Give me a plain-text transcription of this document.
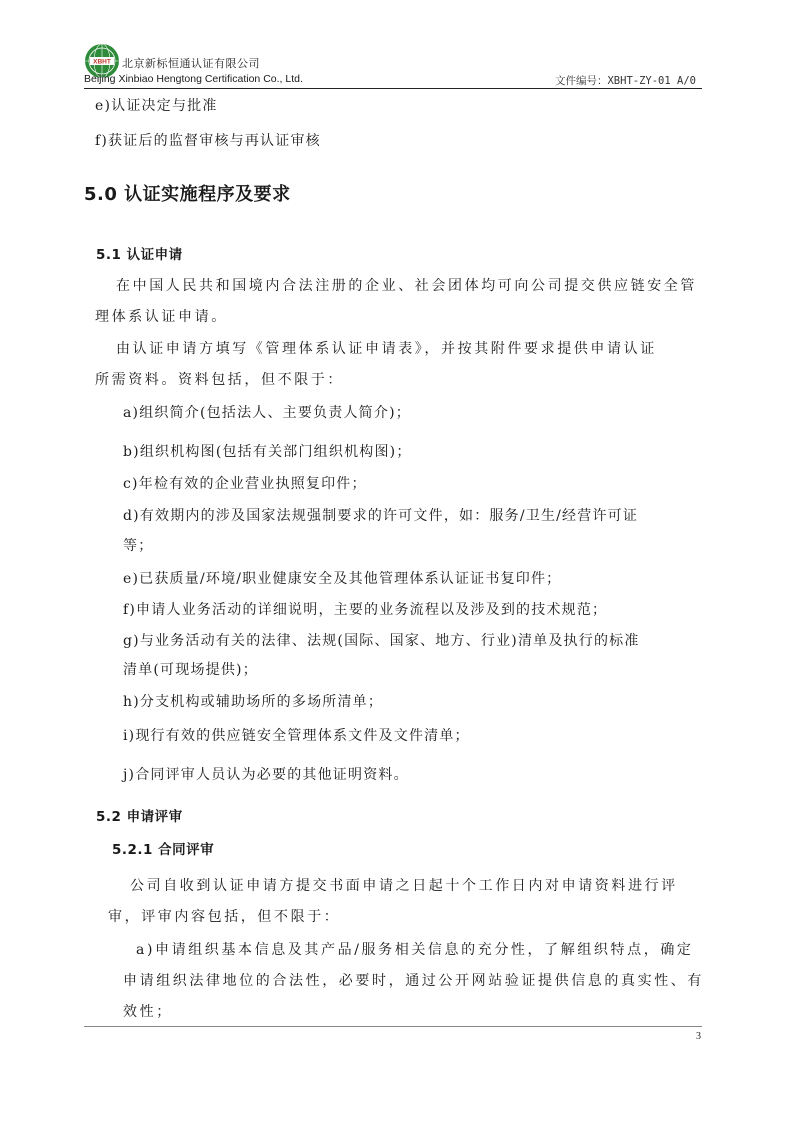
XBHT 北京新标恒通认证有限公司
Beijing Xinbiao Hengtong Certification Co., Ltd.	文件编号：XBHT-ZY-01 A/0
e)认证决定与批准
f)获证后的监督审核与再认证审核
5.0 认证实施程序及要求
5.1 认证申请
在中国人民共和国境内合法注册的企业、社会团体均可向公司提交供应链安全管
理体系认证申请。
由认证申请方填写《管理体系认证申请表》，并按其附件要求提供申请认证
所需资料。资料包括，但不限于：
a)组织简介(包括法人、主要负责人简介)；
b)组织机构图(包括有关部门组织机构图)；
c)年检有效的企业营业执照复印件；
d)有效期内的涉及国家法规强制要求的许可文件，如：服务/卫生/经营许可证
等；
e)已获质量/环境/职业健康安全及其他管理体系认证证书复印件；
f)申请人业务活动的详细说明，主要的业务流程以及涉及到的技术规范；
g)与业务活动有关的法律、法规(国际、国家、地方、行业)清单及执行的标准
清单(可现场提供)；
h)分支机构或辅助场所的多场所清单；
i)现行有效的供应链安全管理体系文件及文件清单；
j)合同评审人员认为必要的其他证明资料。
5.2 申请评审
5.2.1 合同评审
公司自收到认证申请方提交书面申请之日起十个工作日内对申请资料进行评
审，评审内容包括，但不限于：
a)申请组织基本信息及其产品/服务相关信息的充分性，了解组织特点，确定
申请组织法律地位的合法性，必要时，通过公开网站验证提供信息的真实性、有
效性；
3
